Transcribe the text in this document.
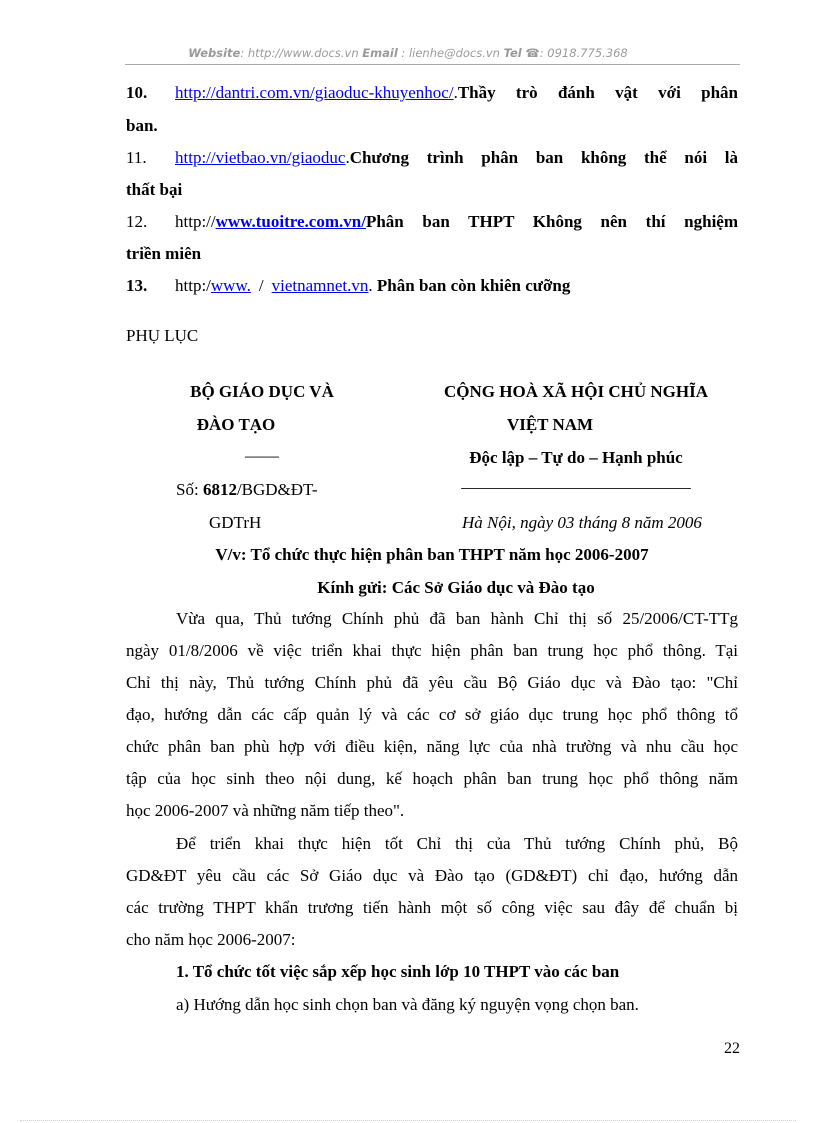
Website: http://www.docs.vn Email : lienhe@docs.vn Tel ☎: 0918.775.368
10. http://dantri.com.vn/giaoduc-khuyenhoc/.Thầy trò đánh vật với phân
ban.
11. http://vietbao.vn/giaoduc.Chương trình phân ban không thể nói là
thất bại
12. http://www.tuoitre.com.vn/Phân ban THPT Không nên thí nghiệm
triền miên
13. http:/www. / vietnamnet.vn. Phân ban còn khiên cưỡng
PHỤ LỤC
BỘ GIÁO DỤC VÀ
ĐÀO TẠO
——
Số: 6812/BGD&ĐT-
GDTrH
CỘNG HOÀ XÃ HỘI CHỦ NGHĨA
VIỆT NAM
Độc lập – Tự do – Hạnh phúc
___________________________
Hà Nội, ngày 03 tháng 8 năm 2006
V/v: Tổ chức thực hiện phân ban THPT năm học 2006-2007
Kính gửi: Các Sở Giáo dục và Đào tạo
Vừa qua, Thủ tướng Chính phủ đã ban hành Chỉ thị số 25/2006/CT-TTg
ngày 01/8/2006 về việc triển khai thực hiện phân ban trung học phổ thông. Tại
Chỉ thị này, Thủ tướng Chính phủ đã yêu cầu Bộ Giáo dục và Đào tạo: "Chỉ
đạo, hướng dẫn các cấp quản lý và các cơ sở giáo dục trung học phổ thông tổ
chức phân ban phù hợp với điều kiện, năng lực của nhà trường và nhu cầu học
tập của học sinh theo nội dung, kế hoạch phân ban trung học phổ thông năm
học 2006-2007 và những năm tiếp theo".
Để triển khai thực hiện tốt Chỉ thị của Thủ tướng Chính phủ, Bộ
GD&ĐT yêu cầu các Sở Giáo dục và Đào tạo (GD&ĐT) chỉ đạo, hướng dẫn
các trường THPT khẩn trương tiến hành một số công việc sau đây để chuẩn bị
cho năm học 2006-2007:
1. Tổ chức tốt việc sắp xếp học sinh lớp 10 THPT vào các ban
a) Hướng dẫn học sinh chọn ban và đăng ký nguyện vọng chọn ban.
22
